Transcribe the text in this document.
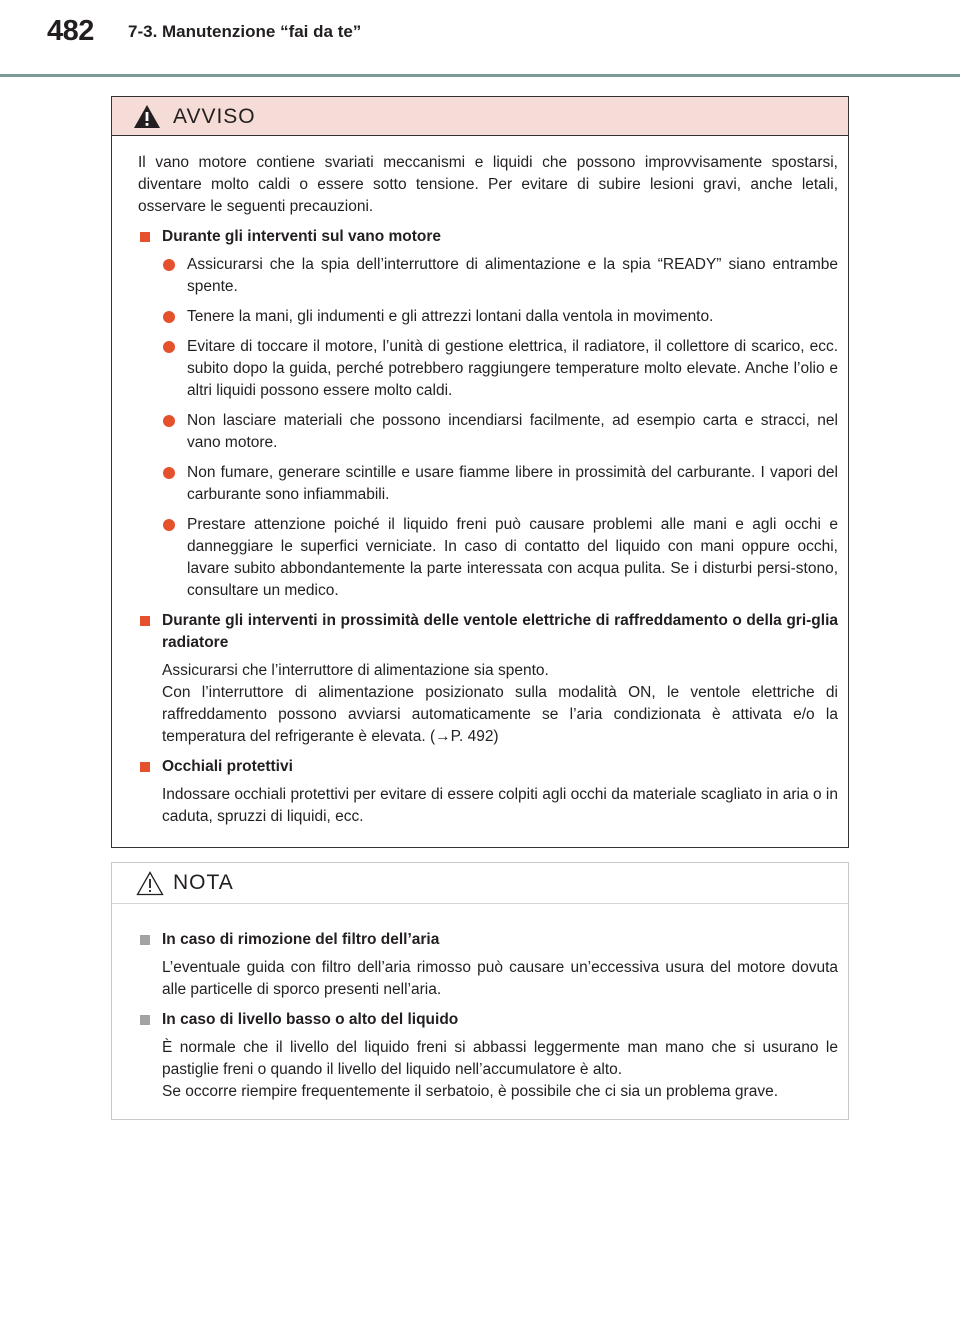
482 7-3. Manutenzione “fai da te”
AVVISO
Il vano motore contiene svariati meccanismi e liquidi che possono improvvisamente spostarsi, diventare molto caldi o essere sotto tensione. Per evitare di subire lesioni gravi, anche letali, osservare le seguenti precauzioni.
Durante gli interventi sul vano motore
Assicurarsi che la spia dell’interruttore di alimentazione e la spia “READY” siano entrambe spente.
Tenere la mani, gli indumenti e gli attrezzi lontani dalla ventola in movimento.
Evitare di toccare il motore, l’unità di gestione elettrica, il radiatore, il collettore di scarico, ecc. subito dopo la guida, perché potrebbero raggiungere temperature molto elevate. Anche l’olio e altri liquidi possono essere molto caldi.
Non lasciare materiali che possono incendiarsi facilmente, ad esempio carta e stracci, nel vano motore.
Non fumare, generare scintille e usare fiamme libere in prossimità del carburante. I vapori del carburante sono infiammabili.
Prestare attenzione poiché il liquido freni può causare problemi alle mani e agli occhi e danneggiare le superfici verniciate. In caso di contatto del liquido con mani oppure occhi, lavare subito abbondantemente la parte interessata con acqua pulita. Se i disturbi persi-stono, consultare un medico.
Durante gli interventi in prossimità delle ventole elettriche di raffreddamento o della gri-glia radiatore
Assicurarsi che l’interruttore di alimentazione sia spento.
Con l’interruttore di alimentazione posizionato sulla modalità ON, le ventole elettriche di raffreddamento possono avviarsi automaticamente se l’aria condizionata è attivata e/o la temperatura del refrigerante è elevata. (→P. 492)
Occhiali protettivi
Indossare occhiali protettivi per evitare di essere colpiti agli occhi da materiale scagliato in aria o in caduta, spruzzi di liquidi, ecc.
NOTA
In caso di rimozione del filtro dell’aria
L’eventuale guida con filtro dell’aria rimosso può causare un’eccessiva usura del motore dovuta alle particelle di sporco presenti nell’aria.
In caso di livello basso o alto del liquido
È normale che il livello del liquido freni si abbassi leggermente man mano che si usurano le pastiglie freni o quando il livello del liquido nell’accumulatore è alto.
Se occorre riempire frequentemente il serbatoio, è possibile che ci sia un problema grave.
